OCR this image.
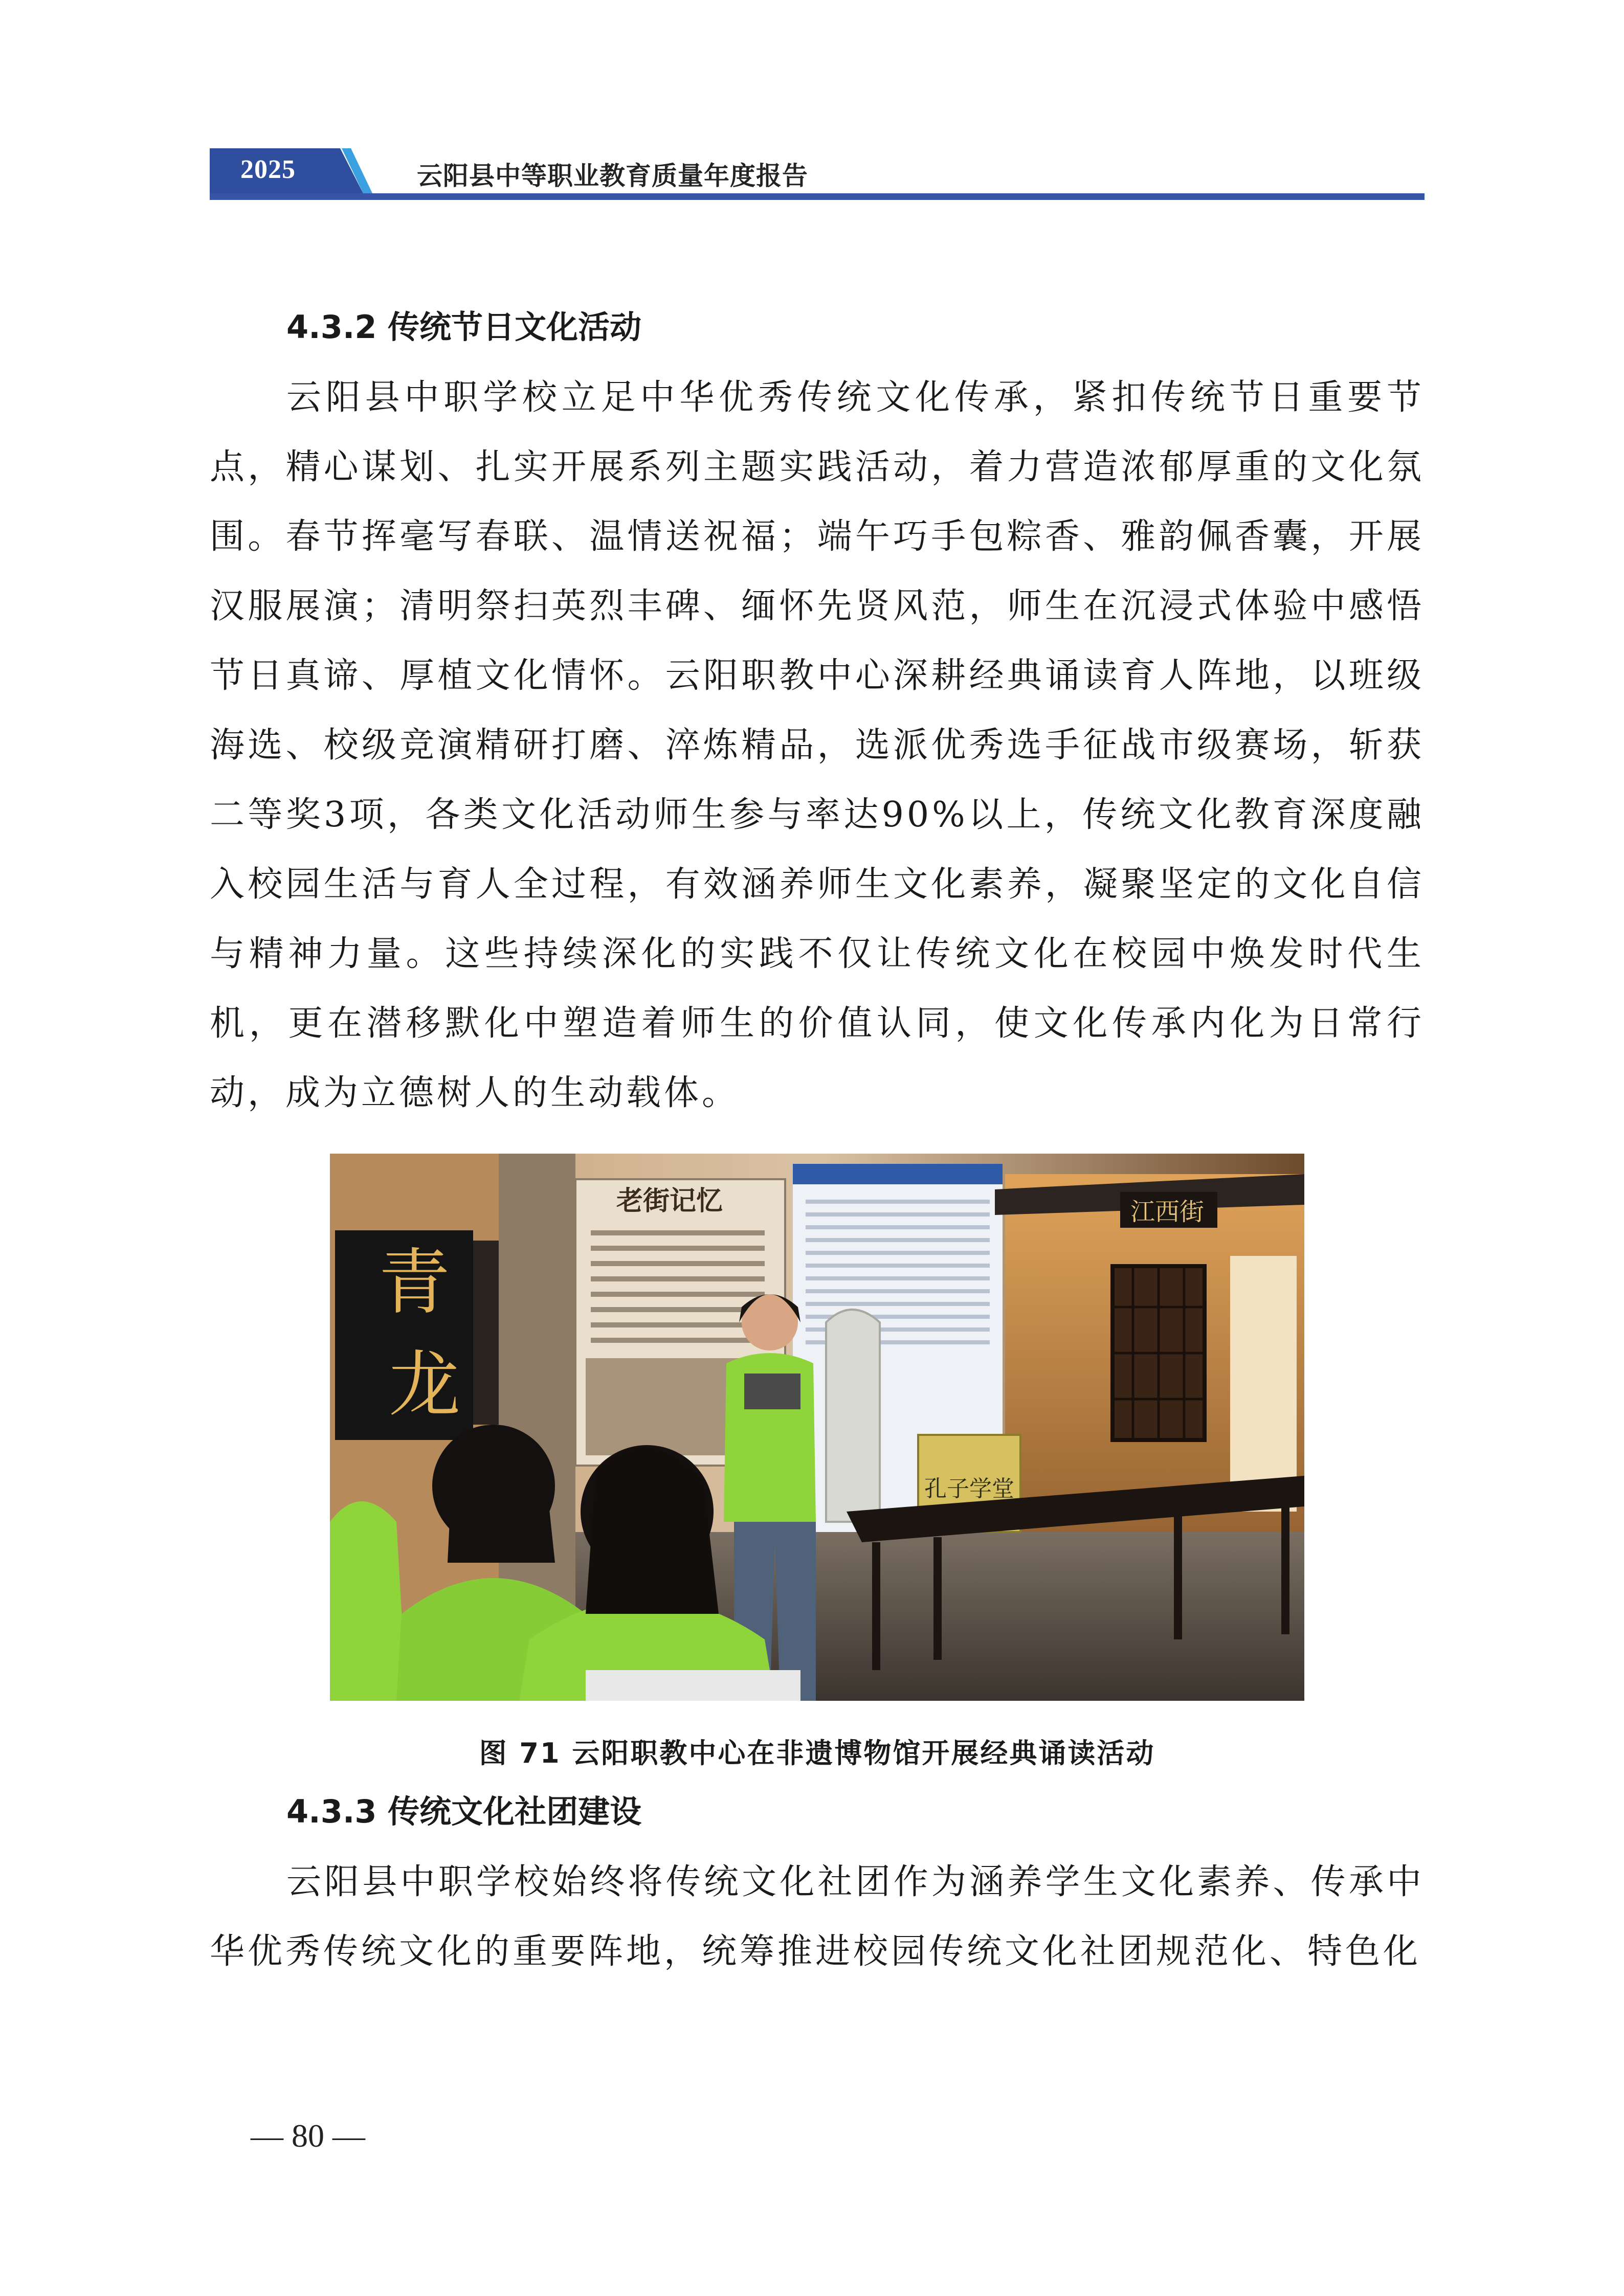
2025	云阳县中等职业教育质量年度报告
4.3.2 传统节日文化活动

云阳县中职学校立足中华优秀传统文化传承，紧扣传统节日重要节点，精心谋划、扎实开展系列主题实践活动，着力营造浓郁厚重的文化氛围。春节挥毫写春联、温情送祝福；端午巧手包粽香、雅韵佩香囊，开展汉服展演；清明祭扫英烈丰碑、缅怀先贤风范，师生在沉浸式体验中感悟节日真谛、厚植文化情怀。云阳职教中心深耕经典诵读育人阵地，以班级海选、校级竞演精研打磨、淬炼精品，选派优秀选手征战市级赛场，斩获二等奖3项，各类文化活动师生参与率达90%以上，传统文化教育深度融入校园生活与育人全过程，有效涵养师生文化素养，凝聚坚定的文化自信与精神力量。这些持续深化的实践不仅让传统文化在校园中焕发时代生机，更在潜移默化中塑造着师生的价值认同，使文化传承内化为日常行动，成为立德树人的生动载体。

青
龙
老街记忆	江西街
孔子学堂
图 71 云阳职教中心在非遗博物馆开展经典诵读活动
4.3.3 传统文化社团建设

云阳县中职学校始终将传统文化社团作为涵养学生文化素养、传承中华优秀传统文化的重要阵地，统筹推进校园传统文化社团规范化、特色化

— 80 —
